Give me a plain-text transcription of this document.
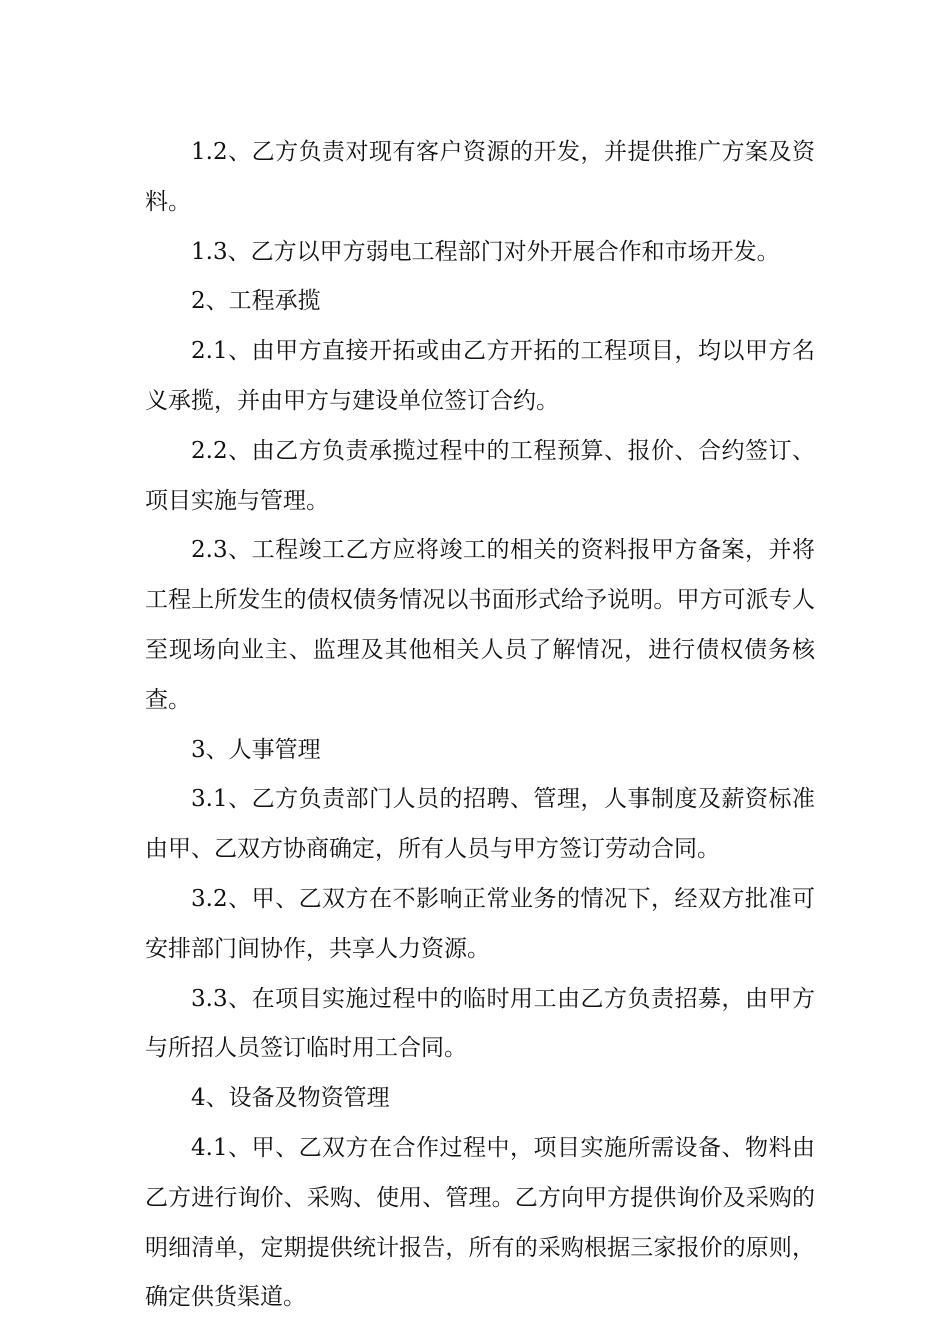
1.2、乙方负责对现有客户资源的开发，并提供推广方案及资料。

1.3、乙方以甲方弱电工程部门对外开展合作和市场开发。

2、工程承揽

2.1、由甲方直接开拓或由乙方开拓的工程项目，均以甲方名义承揽，并由甲方与建设单位签订合约。

2.2、由乙方负责承揽过程中的工程预算、报价、合约签订、项目实施与管理。

2.3、工程竣工乙方应将竣工的相关的资料报甲方备案，并将工程上所发生的债权债务情况以书面形式给予说明。甲方可派专人至现场向业主、监理及其他相关人员了解情况，进行债权债务核查。

3、人事管理

3.1、乙方负责部门人员的招聘、管理，人事制度及薪资标准由甲、乙双方协商确定，所有人员与甲方签订劳动合同。

3.2、甲、乙双方在不影响正常业务的情况下，经双方批准可安排部门间协作，共享人力资源。

3.3、在项目实施过程中的临时用工由乙方负责招募，由甲方与所招人员签订临时用工合同。

4、设备及物资管理

4.1、甲、乙双方在合作过程中，项目实施所需设备、物料由乙方进行询价、采购、使用、管理。乙方向甲方提供询价及采购的明细清单，定期提供统计报告，所有的采购根据三家报价的原则，确定供货渠道。
